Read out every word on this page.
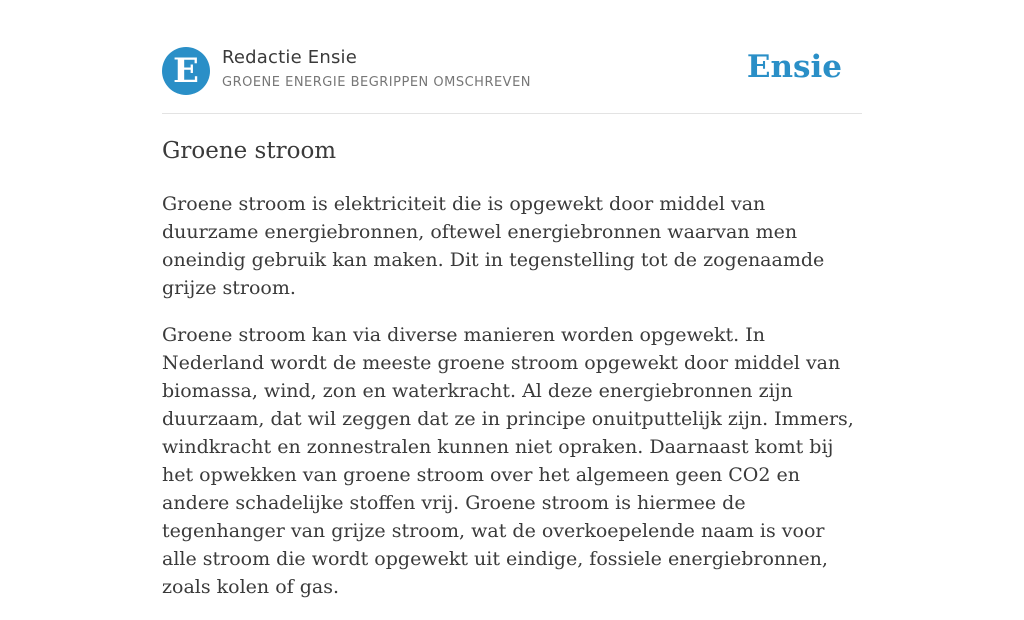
E	Redactie Ensie
GROENE ENERGIE BEGRIPPEN OMSCHREVEN	Ensie
Groene stroom

Groene stroom is elektriciteit die is opgewekt door middel van duurzame energiebronnen, oftewel energiebronnen waarvan men oneindig gebruik kan maken. Dit in tegenstelling tot de zogenaamde grijze stroom.

Groene stroom kan via diverse manieren worden opgewekt. In Nederland wordt de meeste groene stroom opgewekt door middel van biomassa, wind, zon en waterkracht. Al deze energiebronnen zijn duurzaam, dat wil zeggen dat ze in principe onuitputtelijk zijn. Immers, windkracht en zonnestralen kunnen niet opraken. Daarnaast komt bij het opwekken van groene stroom over het algemeen geen CO2 en andere schadelijke stoffen vrij. Groene stroom is hiermee de tegenhanger van grijze stroom, wat de overkoepelende naam is voor alle stroom die wordt opgewekt uit eindige, fossiele energiebronnen, zoals kolen of gas.
